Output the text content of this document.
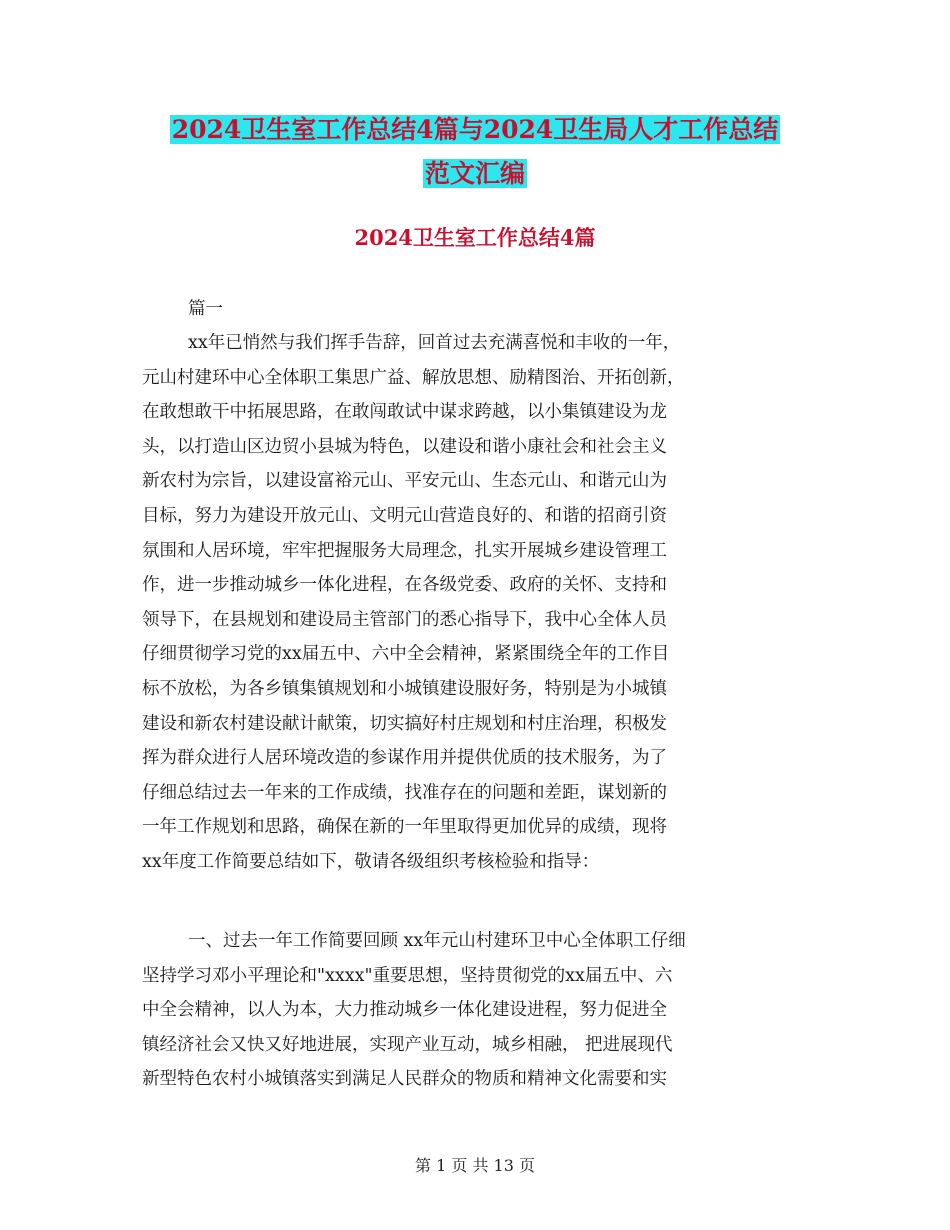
2024卫生室工作总结4篇与2024卫生局人才工作总结
范文汇编
2024卫生室工作总结4篇
篇一
xx年已悄然与我们挥手告辞，回首过去充满喜悦和丰收的一年，
元山村建环中心全体职工集思广益、解放思想、励精图治、开拓创新，
在敢想敢干中拓展思路，在敢闯敢试中谋求跨越，以小集镇建设为龙
头，以打造山区边贸小县城为特色，以建设和谐小康社会和社会主义
新农村为宗旨，以建设富裕元山、平安元山、生态元山、和谐元山为
目标，努力为建设开放元山、文明元山营造良好的、和谐的招商引资
氛围和人居环境，牢牢把握服务大局理念，扎实开展城乡建设管理工
作，进一步推动城乡一体化进程，在各级党委、政府的关怀、支持和
领导下，在县规划和建设局主管部门的悉心指导下，我中心全体人员
仔细贯彻学习党的xx届五中、六中全会精神，紧紧围绕全年的工作目
标不放松，为各乡镇集镇规划和小城镇建设服好务，特别是为小城镇
建设和新农村建设献计献策，切实搞好村庄规划和村庄治理，积极发
挥为群众进行人居环境改造的参谋作用并提供优质的技术服务，为了
仔细总结过去一年来的工作成绩，找准存在的问题和差距，谋划新的
一年工作规划和思路，确保在新的一年里取得更加优异的成绩，现将
xx年度工作简要总结如下，敬请各级组织考核检验和指导：
一、过去一年工作简要回顾 xx年元山村建环卫中心全体职工仔细
坚持学习邓小平理论和"xxxx"重要思想，坚持贯彻党的xx届五中、六
中全会精神，以人为本，大力推动城乡一体化建设进程，努力促进全
镇经济社会又快又好地进展，实现产业互动，城乡相融， 把进展现代
新型特色农村小城镇落实到满足人民群众的物质和精神文化需要和实
第 1 页 共 13 页
